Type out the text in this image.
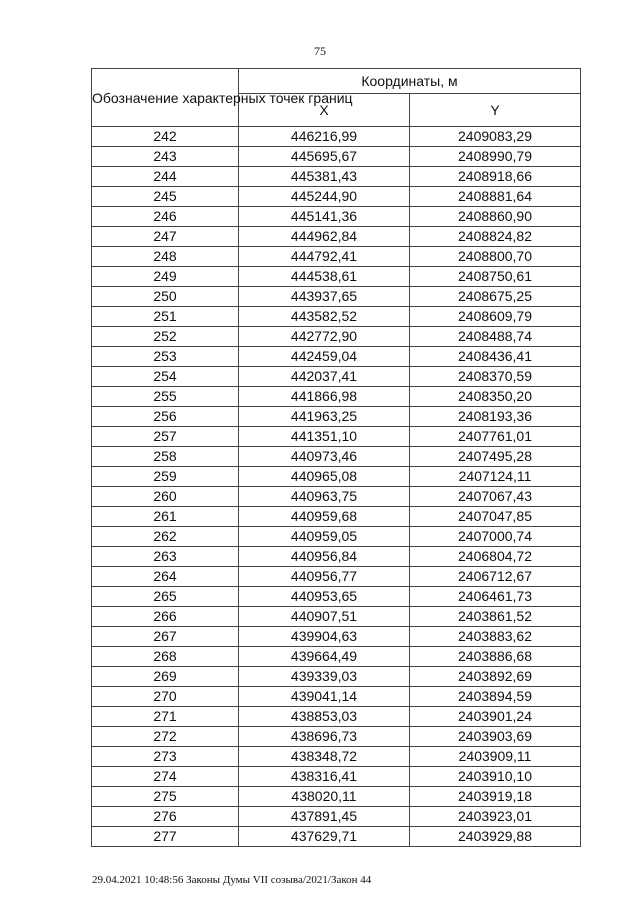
75
Обозначение характерных точек границ	Координаты, м	
	X	Y
242	446216,99	2409083,29
243	445695,67	2408990,79
244	445381,43	2408918,66
245	445244,90	2408881,64
246	445141,36	2408860,90
247	444962,84	2408824,82
248	444792,41	2408800,70
249	444538,61	2408750,61
250	443937,65	2408675,25
251	443582,52	2408609,79
252	442772,90	2408488,74
253	442459,04	2408436,41
254	442037,41	2408370,59
255	441866,98	2408350,20
256	441963,25	2408193,36
257	441351,10	2407761,01
258	440973,46	2407495,28
259	440965,08	2407124,11
260	440963,75	2407067,43
261	440959,68	2407047,85
262	440959,05	2407000,74
263	440956,84	2406804,72
264	440956,77	2406712,67
265	440953,65	2406461,73
266	440907,51	2403861,52
267	439904,63	2403883,62
268	439664,49	2403886,68
269	439339,03	2403892,69
270	439041,14	2403894,59
271	438853,03	2403901,24
272	438696,73	2403903,69
273	438348,72	2403909,11
274	438316,41	2403910,10
275	438020,11	2403919,18
276	437891,45	2403923,01
277	437629,71	2403929,88
29.04.2021 10:48:56 Законы Думы VII созыва/2021/Закон 44
